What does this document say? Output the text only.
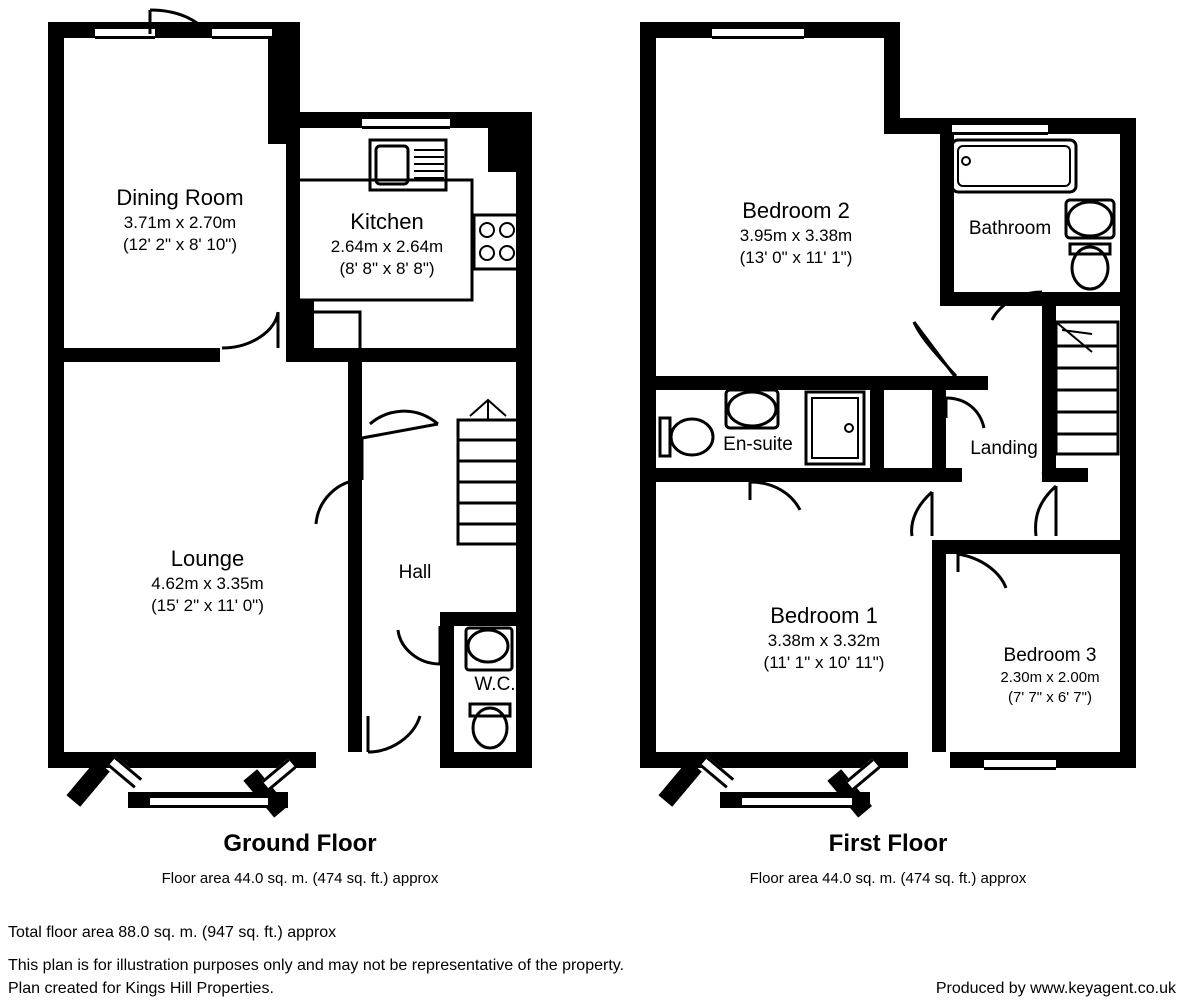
Dining Room
3.71m x 2.70m
(12' 2" x 8' 10")
Kitchen
2.64m x 2.64m
(8' 8" x 8' 8")
Lounge
4.62m x 3.35m
(15' 2" x 11' 0")
Hall
W.C.
Ground Floor
Floor area 44.0 sq. m. (474 sq. ft.) approx
Bedroom 2
3.95m x 3.38m
(13' 0" x 11' 1")
Bathroom
En-suite	Landing
Bedroom 1
3.38m x 3.32m
(11' 1" x 10' 11")	Bedroom 3
2.30m x 2.00m
(7' 7" x 6' 7")
First Floor
Floor area 44.0 sq. m. (474 sq. ft.) approx
Total floor area 88.0 sq. m. (947 sq. ft.) approx
This plan is for illustration purposes only and may not be representative of the property.
Plan created for Kings Hill Properties.	Produced by www.keyagent.co.uk
